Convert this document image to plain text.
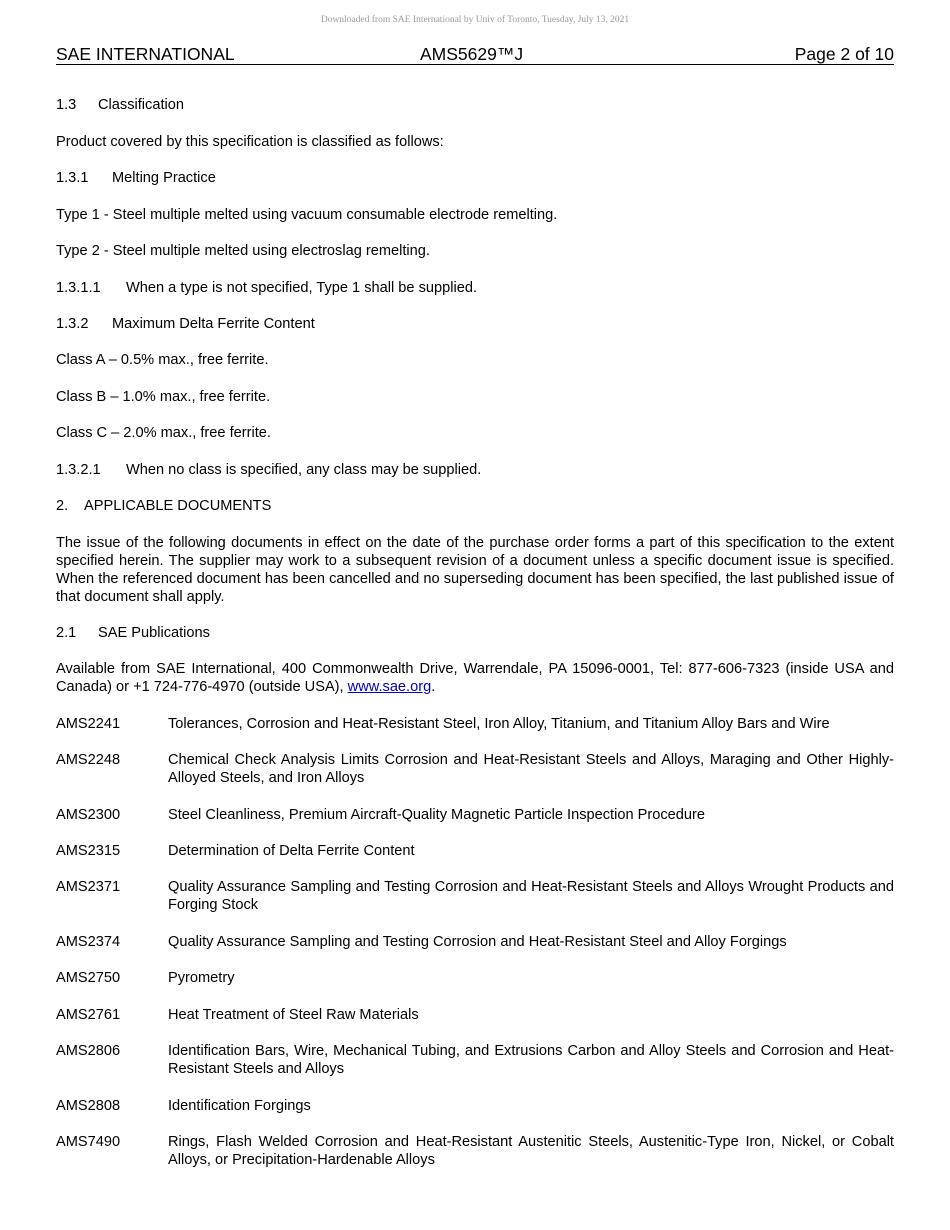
Downloaded from SAE International by Univ of Toronto, Tuesday, July 13, 2021
SAE INTERNATIONAL	AMS5629™J	Page 2 of 10
1.3 Classification
Product covered by this specification is classified as follows:
1.3.1 Melting Practice
Type 1 - Steel multiple melted using vacuum consumable electrode remelting.
Type 2 - Steel multiple melted using electroslag remelting.
1.3.1.1 When a type is not specified, Type 1 shall be supplied.
1.3.2 Maximum Delta Ferrite Content
Class A – 0.5% max., free ferrite.
Class B – 1.0% max., free ferrite.
Class C – 2.0% max., free ferrite.
1.3.2.1 When no class is specified, any class may be supplied.
2. APPLICABLE DOCUMENTS
The issue of the following documents in effect on the date of the purchase order forms a part of this specification to the extent specified herein. The supplier may work to a subsequent revision of a document unless a specific document issue is specified. When the referenced document has been cancelled and no superseding document has been specified, the last published issue of that document shall apply.
2.1 SAE Publications
Available from SAE International, 400 Commonwealth Drive, Warrendale, PA 15096-0001, Tel: 877-606-7323 (inside USA and Canada) or +1 724-776-4970 (outside USA), www.sae.org.
AMS2241	Tolerances, Corrosion and Heat-Resistant Steel, Iron Alloy, Titanium, and Titanium Alloy Bars and Wire
AMS2248	Chemical Check Analysis Limits Corrosion and Heat-Resistant Steels and Alloys, Maraging and Other Highly-Alloyed Steels, and Iron Alloys
AMS2300	Steel Cleanliness, Premium Aircraft-Quality Magnetic Particle Inspection Procedure
AMS2315	Determination of Delta Ferrite Content
AMS2371	Quality Assurance Sampling and Testing Corrosion and Heat-Resistant Steels and Alloys Wrought Products and Forging Stock
AMS2374	Quality Assurance Sampling and Testing Corrosion and Heat-Resistant Steel and Alloy Forgings
AMS2750	Pyrometry
AMS2761	Heat Treatment of Steel Raw Materials
AMS2806	Identification Bars, Wire, Mechanical Tubing, and Extrusions Carbon and Alloy Steels and Corrosion and Heat-Resistant Steels and Alloys
AMS2808	Identification Forgings
AMS7490	Rings, Flash Welded Corrosion and Heat-Resistant Austenitic Steels, Austenitic-Type Iron, Nickel, or Cobalt Alloys, or Precipitation-Hardenable Alloys
